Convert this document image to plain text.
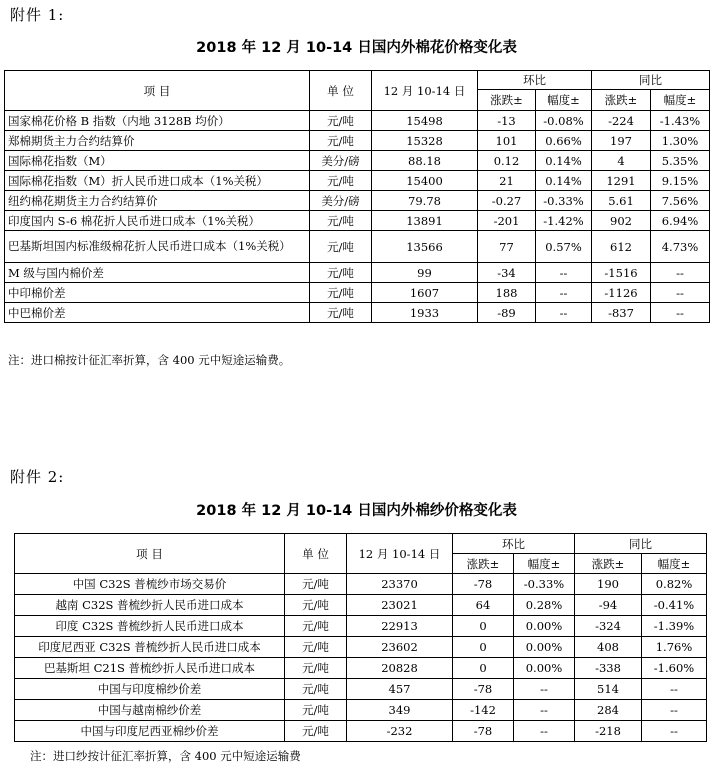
附件 1:
2018 年 12 月 10-14 日国内外棉花价格变化表
项 目	单 位	12 月 10-14 日	环比		同比	
			涨跌±	幅度±	涨跌±	幅度±
国家棉花价格 B 指数（内地 3128B 均价）	元/吨	15498	-13	-0.08%	-224	-1.43%
郑棉期货主力合约结算价	元/吨	15328	101	0.66%	197	1.30%
国际棉花指数（M）	美分/磅	88.18	0.12	0.14%	4	5.35%
国际棉花指数（M）折人民币进口成本（1%关税）	元/吨	15400	21	0.14%	1291	9.15%
纽约棉花期货主力合约结算价	美分/磅	79.78	-0.27	-0.33%	5.61	7.56%
印度国内 S-6 棉花折人民币进口成本（1%关税）	元/吨	13891	-201	-1.42%	902	6.94%
巴基斯坦国内标准级棉花折人民币进口成本（1%关税）	元/吨	13566	77	0.57%	612	4.73%
M 级与国内棉价差	元/吨	99	-34	--	-1516	--
中印棉价差	元/吨	1607	188	--	-1126	--
中巴棉价差	元/吨	1933	-89	--	-837	--
注：进口棉按计征汇率折算，含 400 元中短途运输费。
附件 2:
2018 年 12 月 10-14 日国内外棉纱价格变化表
项 目	单 位	12 月 10-14 日	环比		同比	
			涨跌±	幅度±	涨跌±	幅度±
中国 C32S 普梳纱市场交易价	元/吨	23370	-78	-0.33%	190	0.82%
越南 C32S 普梳纱折人民币进口成本	元/吨	23021	64	0.28%	-94	-0.41%
印度 C32S 普梳纱折人民币进口成本	元/吨	22913	0	0.00%	-324	-1.39%
印度尼西亚 C32S 普梳纱折人民币进口成本	元/吨	23602	0	0.00%	408	1.76%
巴基斯坦 C21S 普梳纱折人民币进口成本	元/吨	20828	0	0.00%	-338	-1.60%
中国与印度棉纱价差	元/吨	457	-78	--	514	--
中国与越南棉纱价差	元/吨	349	-142	--	284	--
中国与印度尼西亚棉纱价差	元/吨	-232	-78	--	-218	--
注：进口纱按计征汇率折算，含 400 元中短途运输费
